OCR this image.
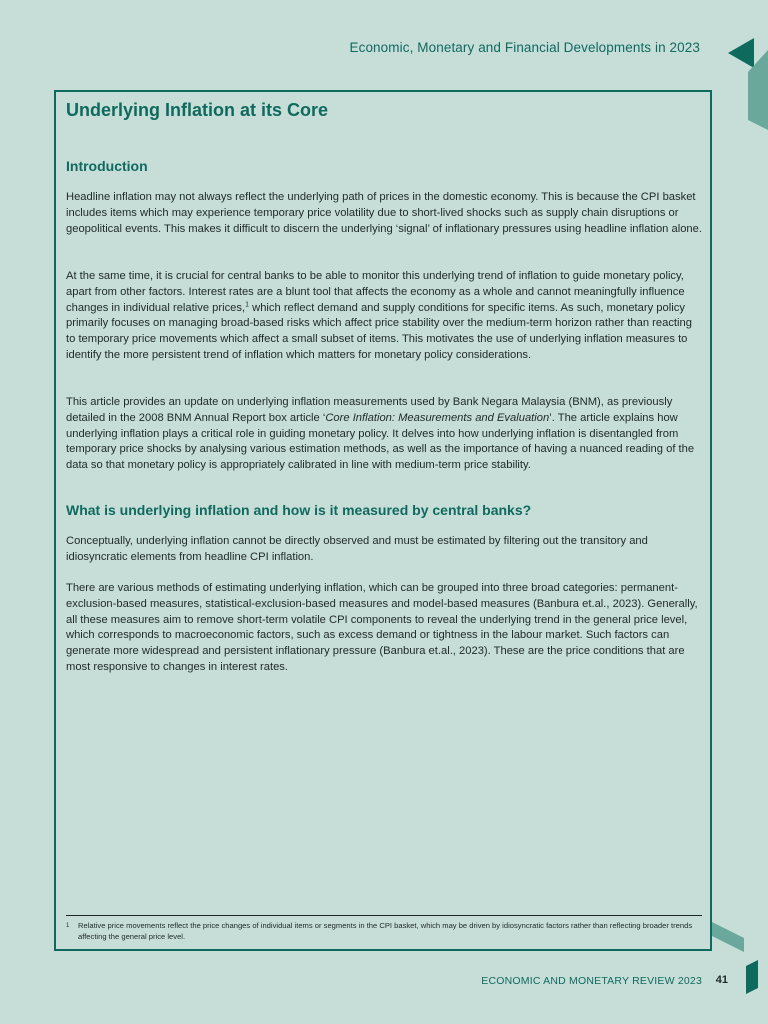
Economic, Monetary and Financial Developments in 2023
Underlying Inflation at its Core
Introduction

Headline inflation may not always reflect the underlying path of prices in the domestic economy. This is because the CPI basket includes items which may experience temporary price volatility due to short-lived shocks such as supply chain disruptions or geopolitical events. This makes it difficult to discern the underlying ‘signal’ of inflationary pressures using headline inflation alone.

At the same time, it is crucial for central banks to be able to monitor this underlying trend of inflation to guide monetary policy, apart from other factors. Interest rates are a blunt tool that affects the economy as a whole and cannot meaningfully influence changes in individual relative prices,$^1$ which reflect demand and supply conditions for specific items. As such, monetary policy primarily focuses on managing broad-based risks which affect price stability over the medium-term horizon rather than reacting to temporary price movements which affect a small subset of items. This motivates the use of underlying inflation measures to identify the more persistent trend of inflation which matters for monetary policy considerations.

This article provides an update on underlying inflation measurements used by Bank Negara Malaysia (BNM), as previously detailed in the 2008 BNM Annual Report box article ‘Core Inflation: Measurements and Evaluation’. The article explains how underlying inflation plays a critical role in guiding monetary policy. It delves into how underlying inflation is disentangled from temporary price shocks by analysing various estimation methods, as well as the importance of having a nuanced reading of the data so that monetary policy is appropriately calibrated in line with medium-term price stability.

What is underlying inflation and how is it measured by central banks?

Conceptually, underlying inflation cannot be directly observed and must be estimated by filtering out the transitory and idiosyncratic elements from headline CPI inflation.

There are various methods of estimating underlying inflation, which can be grouped into three broad categories: permanent-exclusion-based measures, statistical-exclusion-based measures and model-based measures (Banbura et.al., 2023). Generally, all these measures aim to remove short-term volatile CPI components to reveal the underlying trend in the general price level, which corresponds to macroeconomic factors, such as excess demand or tightness in the labour market. Such factors can generate more widespread and persistent inflationary pressure (Banbura et.al., 2023). These are the price conditions that are most responsive to changes in interest rates.

1	Relative price movements reflect the price changes of individual items or segments in the CPI basket, which may be driven by idiosyncratic factors rather than reflecting broader trends affecting the general price level.
ECONOMIC AND MONETARY REVIEW 2023 41
